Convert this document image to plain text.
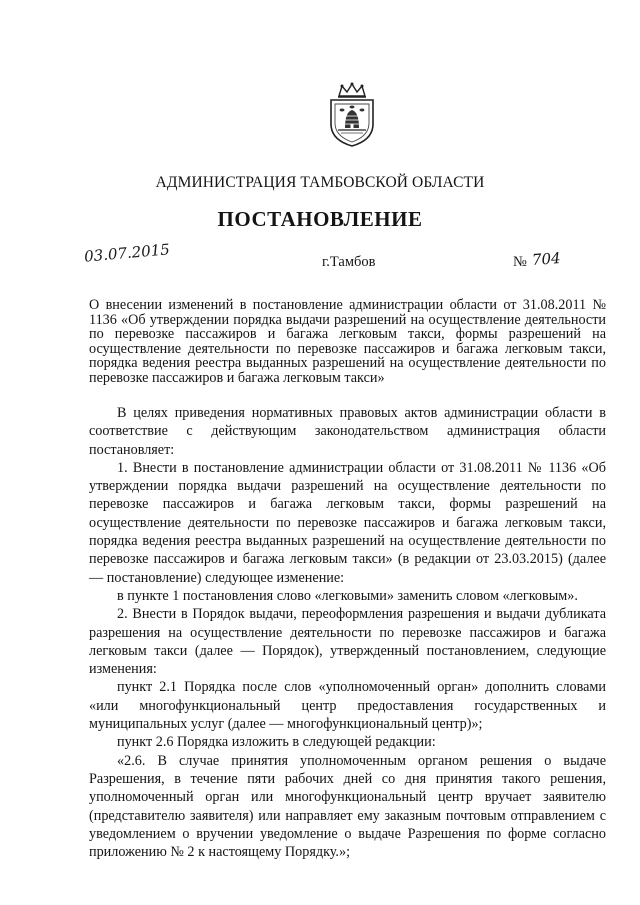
АДМИНИСТРАЦИЯ ТАМБОВСКОЙ ОБЛАСТИ
ПОСТАНОВЛЕНИЕ
03.07.2015	г.Тамбов	№ 704
О внесении изменений в постановление администрации области от 31.08.2011 № 1136 «Об утверждении порядка выдачи разрешений на осуществление деятельности по перевозке пассажиров и багажа легковым такси, формы разрешений на осуществление деятельности по перевозке пассажиров и багажа легковым такси, порядка ведения реестра выданных разрешений на осуществление деятельности по перевозке пассажиров и багажа легковым такси»

В целях приведения нормативных правовых актов администрации области в соответствие с действующим законодательством администрация области постановляет:

1. Внести в постановление администрации области от 31.08.2011 № 1136 «Об утверждении порядка выдачи разрешений на осуществление деятельности по перевозке пассажиров и багажа легковым такси, формы разрешений на осуществление деятельности по перевозке пассажиров и багажа легковым такси, порядка ведения реестра выданных разрешений на осуществление деятельности по перевозке пассажиров и багажа легковым такси» (в редакции от 23.03.2015) (далее — постановление) следующее изменение:

в пункте 1 постановления слово «легковыми» заменить словом «легковым».

2. Внести в Порядок выдачи, переоформления разрешения и выдачи дубликата разрешения на осуществление деятельности по перевозке пассажиров и багажа легковым такси (далее — Порядок), утвержденный постановлением, следующие изменения:

пункт 2.1 Порядка после слов «уполномоченный орган» дополнить словами «или многофункциональный центр предоставления государственных и муниципальных услуг (далее — многофункциональный центр)»;

пункт 2.6 Порядка изложить в следующей редакции:

«2.6. В случае принятия уполномоченным органом решения о выдаче Разрешения, в течение пяти рабочих дней со дня принятия такого решения, уполномоченный орган или многофункциональный центр вручает заявителю (представителю заявителя) или направляет ему заказным почтовым отправлением с уведомлением о вручении уведомление о выдаче Разрешения по форме согласно приложению № 2 к настоящему Порядку.»;
